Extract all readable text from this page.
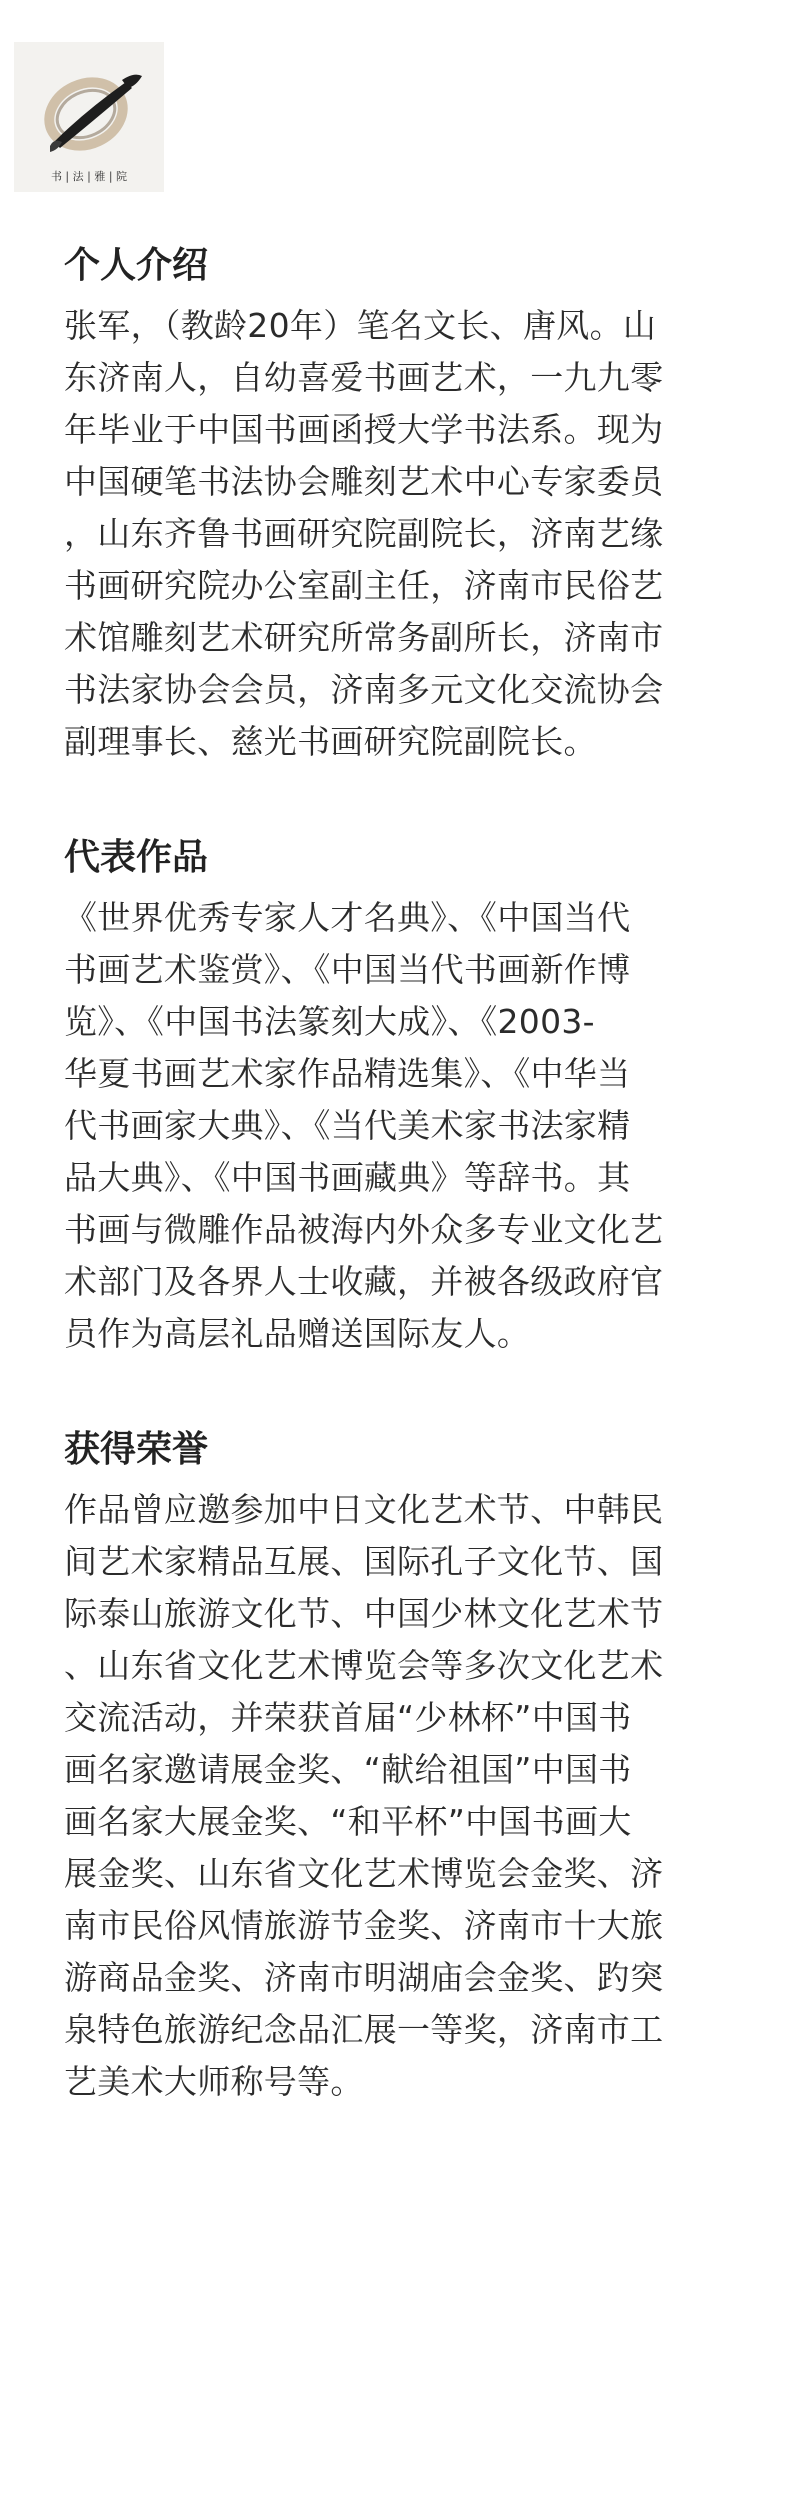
书 | 法 | 雅 | 院
个人介绍

张军，（教龄20年）笔名文长、唐风。山
东济南人，自幼喜爱书画艺术，一九九零
年毕业于中国书画函授大学书法系。现为
中国硬笔书法协会雕刻艺术中心专家委员
，山东齐鲁书画研究院副院长，济南艺缘
书画研究院办公室副主任，济南市民俗艺
术馆雕刻艺术研究所常务副所长，济南市
书法家协会会员，济南多元文化交流协会
副理事长、慈光书画研究院副院长。

代表作品

《世界优秀专家人才名典》、《中国当代
书画艺术鉴赏》、《中国当代书画新作博
览》、《中国书法篆刻大成》、《2003-
华夏书画艺术家作品精选集》、《中华当
代书画家大典》、《当代美术家书法家精
品大典》、《中国书画藏典》等辞书。其
书画与微雕作品被海内外众多专业文化艺
术部门及各界人士收藏，并被各级政府官
员作为高层礼品赠送国际友人。

获得荣誉

作品曾应邀参加中日文化艺术节、中韩民
间艺术家精品互展、国际孔子文化节、国
际泰山旅游文化节、中国少林文化艺术节
、山东省文化艺术博览会等多次文化艺术
交流活动，并荣获首届“少林杯”中国书
画名家邀请展金奖、“献给祖国”中国书
画名家大展金奖、“和平杯”中国书画大
展金奖、山东省文化艺术博览会金奖、济
南市民俗风情旅游节金奖、济南市十大旅
游商品金奖、济南市明湖庙会金奖、趵突
泉特色旅游纪念品汇展一等奖，济南市工
艺美术大师称号等。
